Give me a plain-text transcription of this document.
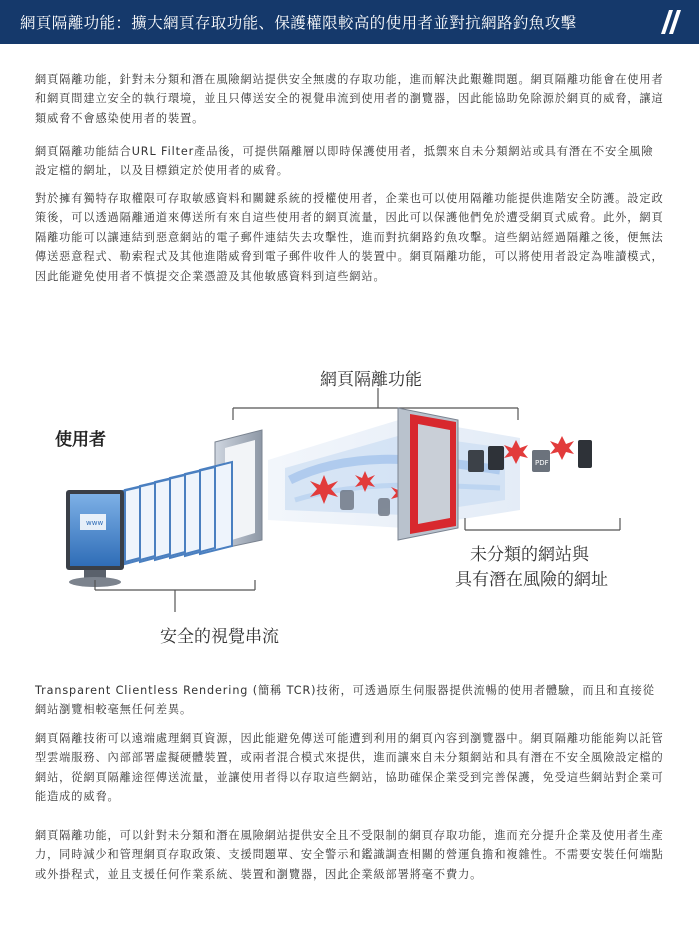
網頁隔離功能：擴大網頁存取功能、保護權限較高的使用者並對抗網路釣魚攻擊
網頁隔離功能，針對未分類和潛在風險網站提供安全無虞的存取功能，進而解決此艱難問題。網頁隔離功能會在使用者和網頁間建立安全的執行環境，並且只傳送安全的視覺串流到使用者的瀏覽器，因此能協助免除源於網頁的威脅，讓這類威脅不會感染使用者的裝置。
網頁隔離功能結合URL Filter產品後，可提供隔離層以即時保護使用者，抵禦來自未分類網站或具有潛在不安全風險設定檔的網址，以及目標鎖定於使用者的威脅。
對於擁有獨特存取權限可存取敏感資料和關鍵系統的授權使用者，企業也可以使用隔離功能提供進階安全防護。設定政策後，可以透過隔離通道來傳送所有來自這些使用者的網頁流量，因此可以保護他們免於遭受網頁式威脅。此外，網頁隔離功能可以讓連結到惡意網站的電子郵件連結失去攻擊性，進而對抗網路釣魚攻擊。這些網站經過隔離之後，便無法傳送惡意程式、勒索程式及其他進階威脅到電子郵件收件人的裝置中。網頁隔離功能，可以將使用者設定為唯讀模式，因此能避免使用者不慎提交企業憑證及其他敏感資料到這些網站。
PDF
www
網頁隔離功能
使用者
未分類的網站與
具有潛在風險的網址
安全的視覺串流
Transparent Clientless Rendering (簡稱 TCR)技術，可透過原生伺服器提供流暢的使用者體驗，而且和直接從網站瀏覽相較毫無任何差異。
網頁隔離技術可以遠端處理網頁資源，因此能避免傳送可能遭到利用的網頁內容到瀏覽器中。網頁隔離功能能夠以託管型雲端服務、內部部署虛擬硬體裝置，或兩者混合模式來提供，進而讓來自未分類網站和具有潛在不安全風險設定檔的網站，從網頁隔離途徑傳送流量，並讓使用者得以存取這些網站，協助確保企業受到完善保護，免受這些網站對企業可能造成的威脅。
網頁隔離功能，可以針對未分類和潛在風險網站提供安全且不受限制的網頁存取功能，進而充分提升企業及使用者生產力，同時減少和管理網頁存取政策、支援問題單、安全警示和鑑識調查相關的營運負擔和複雜性。不需要安裝任何端點或外掛程式，並且支援任何作業系統、裝置和瀏覽器，因此企業級部署將毫不費力。
